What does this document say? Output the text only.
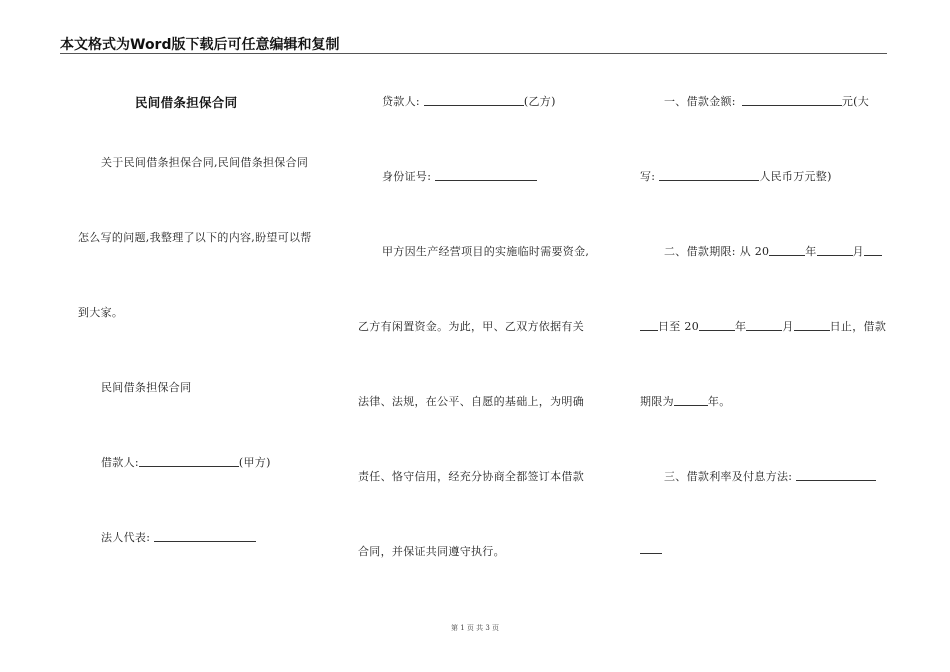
本文格式为Word版下载后可任意编辑和复制
民间借条担保合同
关于民间借条担保合同,民间借条担保合同
怎么写的问题,我整理了以下的内容,盼望可以帮
到大家。
民间借条担保合同
借款人:	(甲方)
法人代表:
贷款人:	(乙方)
身份证号:
甲方因生产经营项目的实施临时需要资金,
乙方有闲置资金。为此，甲、乙双方依据有关
法律、法规，在公平、自愿的基础上，为明确
责任、恪守信用，经充分协商全都签订本借款
合同，并保证共同遵守执行。
一、借款金额:	元(大
写:	人民币万元整)
二、借款期限: 从 20	年	月
日至 20	年	月	日止，借款
期限为	年。
三、借款利率及付息方法:
第 1 页 共 3 页
